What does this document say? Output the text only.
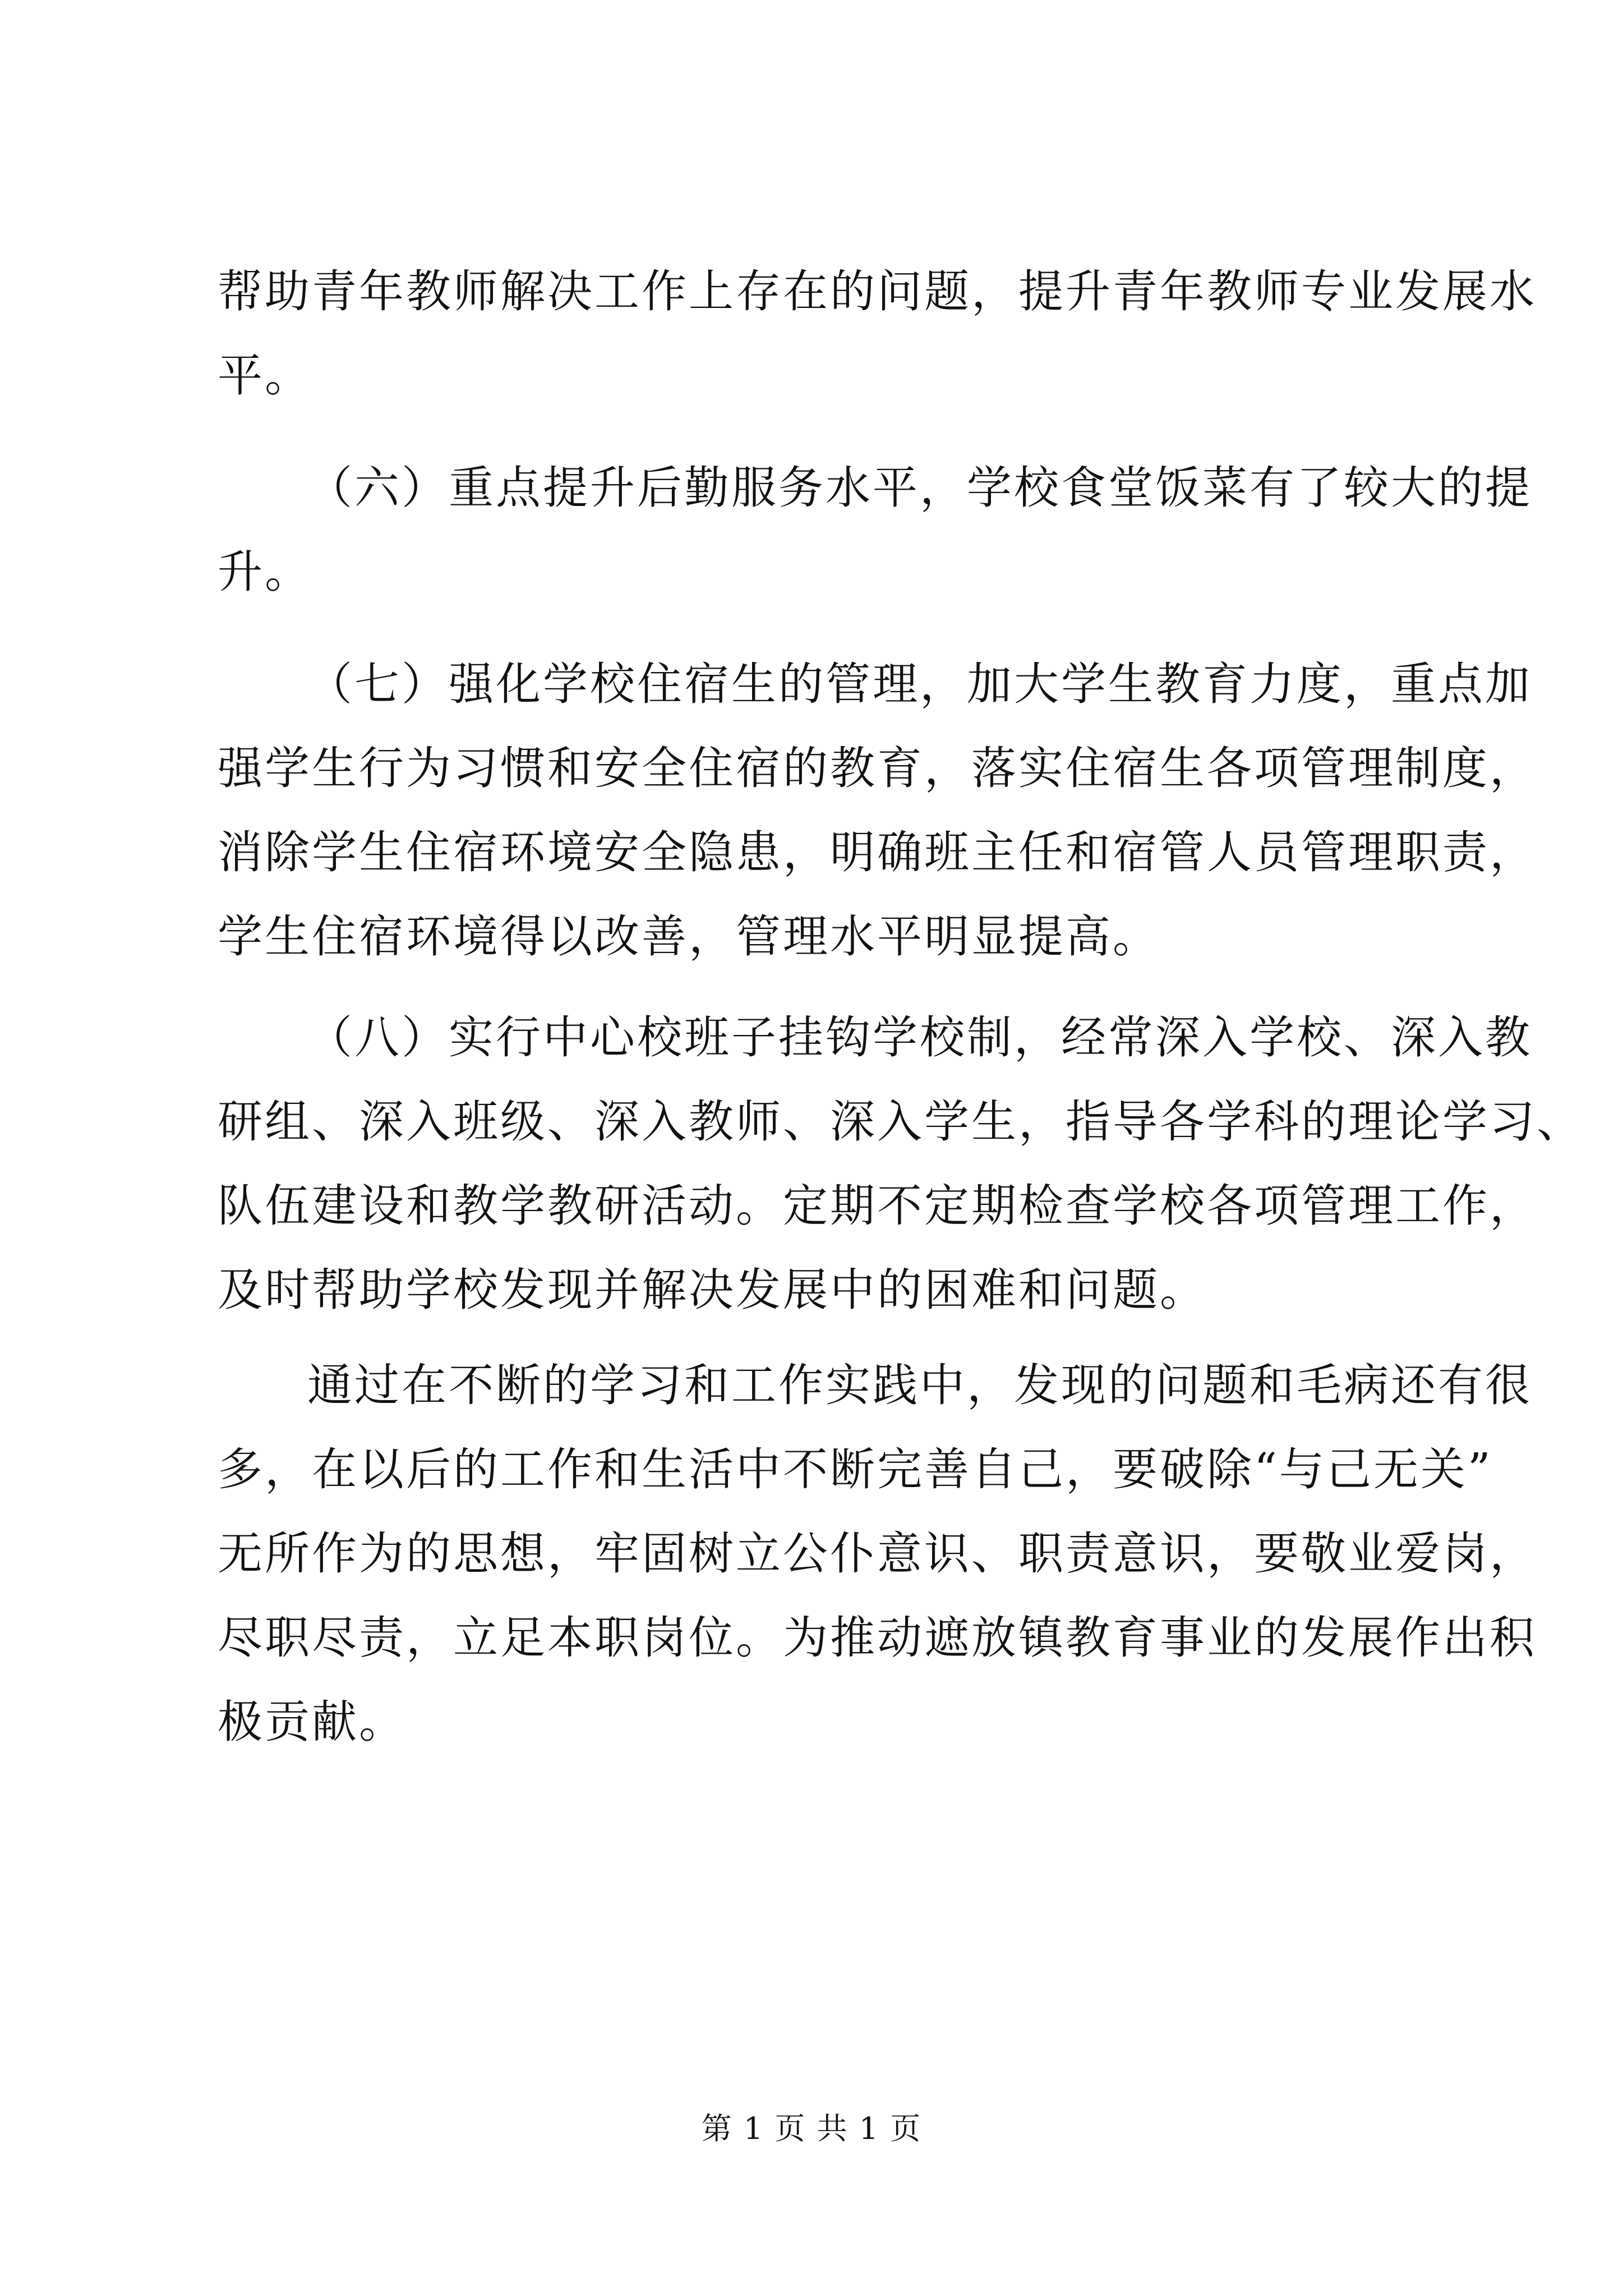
帮助青年教师解决工作上存在的问题，提升青年教师专业发展水
平。
（六）重点提升后勤服务水平，学校食堂饭菜有了较大的提
升。
（七）强化学校住宿生的管理，加大学生教育力度，重点加
强学生行为习惯和安全住宿的教育，落实住宿生各项管理制度，
消除学生住宿环境安全隐患，明确班主任和宿管人员管理职责，
学生住宿环境得以改善，管理水平明显提高。
（八）实行中心校班子挂钩学校制，经常深入学校、深入教
研组、深入班级、深入教师、深入学生，指导各学科的理论学习、
队伍建设和教学教研活动。定期不定期检查学校各项管理工作，
及时帮助学校发现并解决发展中的困难和问题。
通过在不断的学习和工作实践中，发现的问题和毛病还有很
多，在以后的工作和生活中不断完善自己，要破除“与己无关”
无所作为的思想，牢固树立公仆意识、职责意识，要敬业爱岗，
尽职尽责，立足本职岗位。为推动遮放镇教育事业的发展作出积
极贡献。
第 1 页 共 1 页
